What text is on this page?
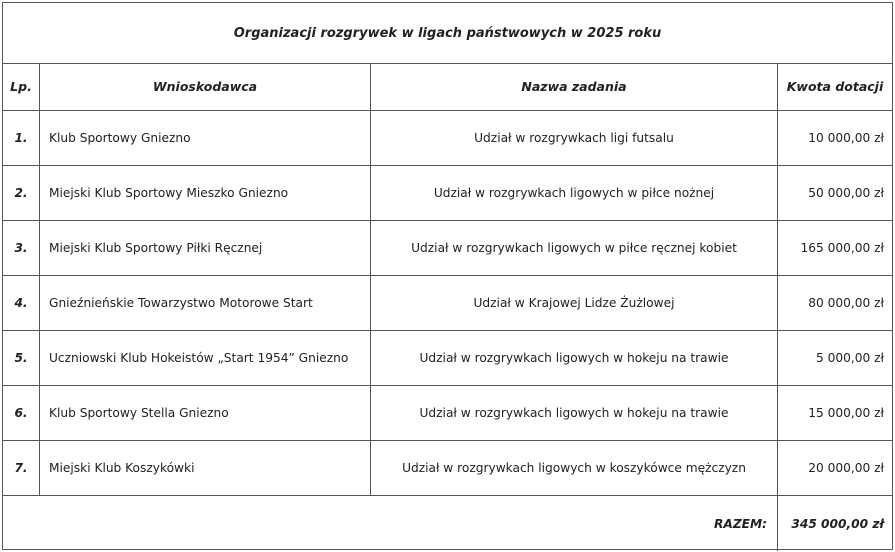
Organizacji rozgrywek w ligach państwowych w 2025 roku
Lp.	Wnioskodawca	Nazwa zadania	Kwota dotacji
1.	Klub Sportowy Gniezno	Udział w rozgrywkach ligi futsalu	10 000,00 zł
2.	Miejski Klub Sportowy Mieszko Gniezno	Udział w rozgrywkach ligowych w piłce nożnej	50 000,00 zł
3.	Miejski Klub Sportowy Piłki Ręcznej	Udział w rozgrywkach ligowych w piłce ręcznej kobiet	165 000,00 zł
4.	Gnieźnieńskie Towarzystwo Motorowe Start	Udział w Krajowej Lidze Żużlowej	80 000,00 zł
5.	Uczniowski Klub Hokeistów „Start 1954” Gniezno	Udział w rozgrywkach ligowych w hokeju na trawie	5 000,00 zł
6.	Klub Sportowy Stella Gniezno	Udział w rozgrywkach ligowych w hokeju na trawie	15 000,00 zł
7.	Miejski Klub Koszykówki	Udział w rozgrywkach ligowych w koszykówce mężczyzn	20 000,00 zł
		RAZEM:	345 000,00 zł
